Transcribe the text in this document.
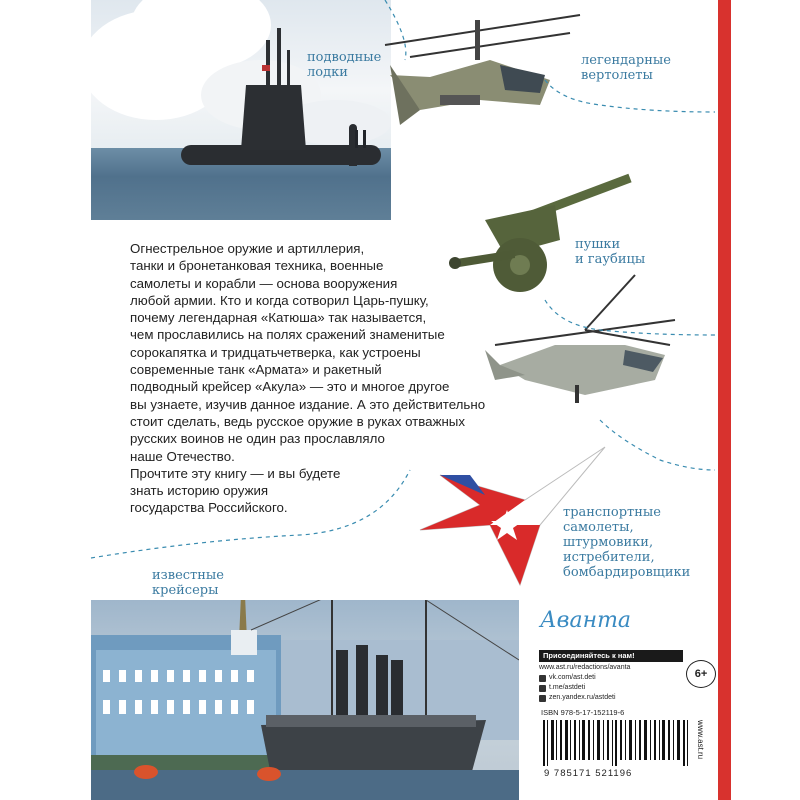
подводные
лодки
легендарные
вертолеты
пушки
и гаубицы
транспортные
самолеты,
штурмовики,
истребители,
бомбардировщики
известные
крейсеры

Огнестрельное оружие и артиллерия,
танки и бронетанковая техника, военные
самолеты и корабли — основа вооружения
любой армии. Кто и когда сотворил Царь-пушку,
почему легендарная «Катюша» так называется,
чем прославились на полях сражений знаменитые
сорокапятка и тридцатьчетверка, как устроены
современные танк «Армата» и ракетный
подводный крейсер «Акула» — это и многое другое
вы узнаете, изучив данное издание. А это действительно
стоит сделать, ведь русское оружие в руках отважных
русских воинов не один раз прославляло
наше Отечество.

Прочтите эту книгу — и вы будете
знать историю оружия
государства Российского.

Аванта
Присоединяйтесь к нам!
www.ast.ru/redactions/avanta
vk.com/ast.deti
t.me/astdeti
zen.yandex.ru/astdeti
6+
ISBN 978-5-17-152119-6
9 785171 521196
www.ast.ru
